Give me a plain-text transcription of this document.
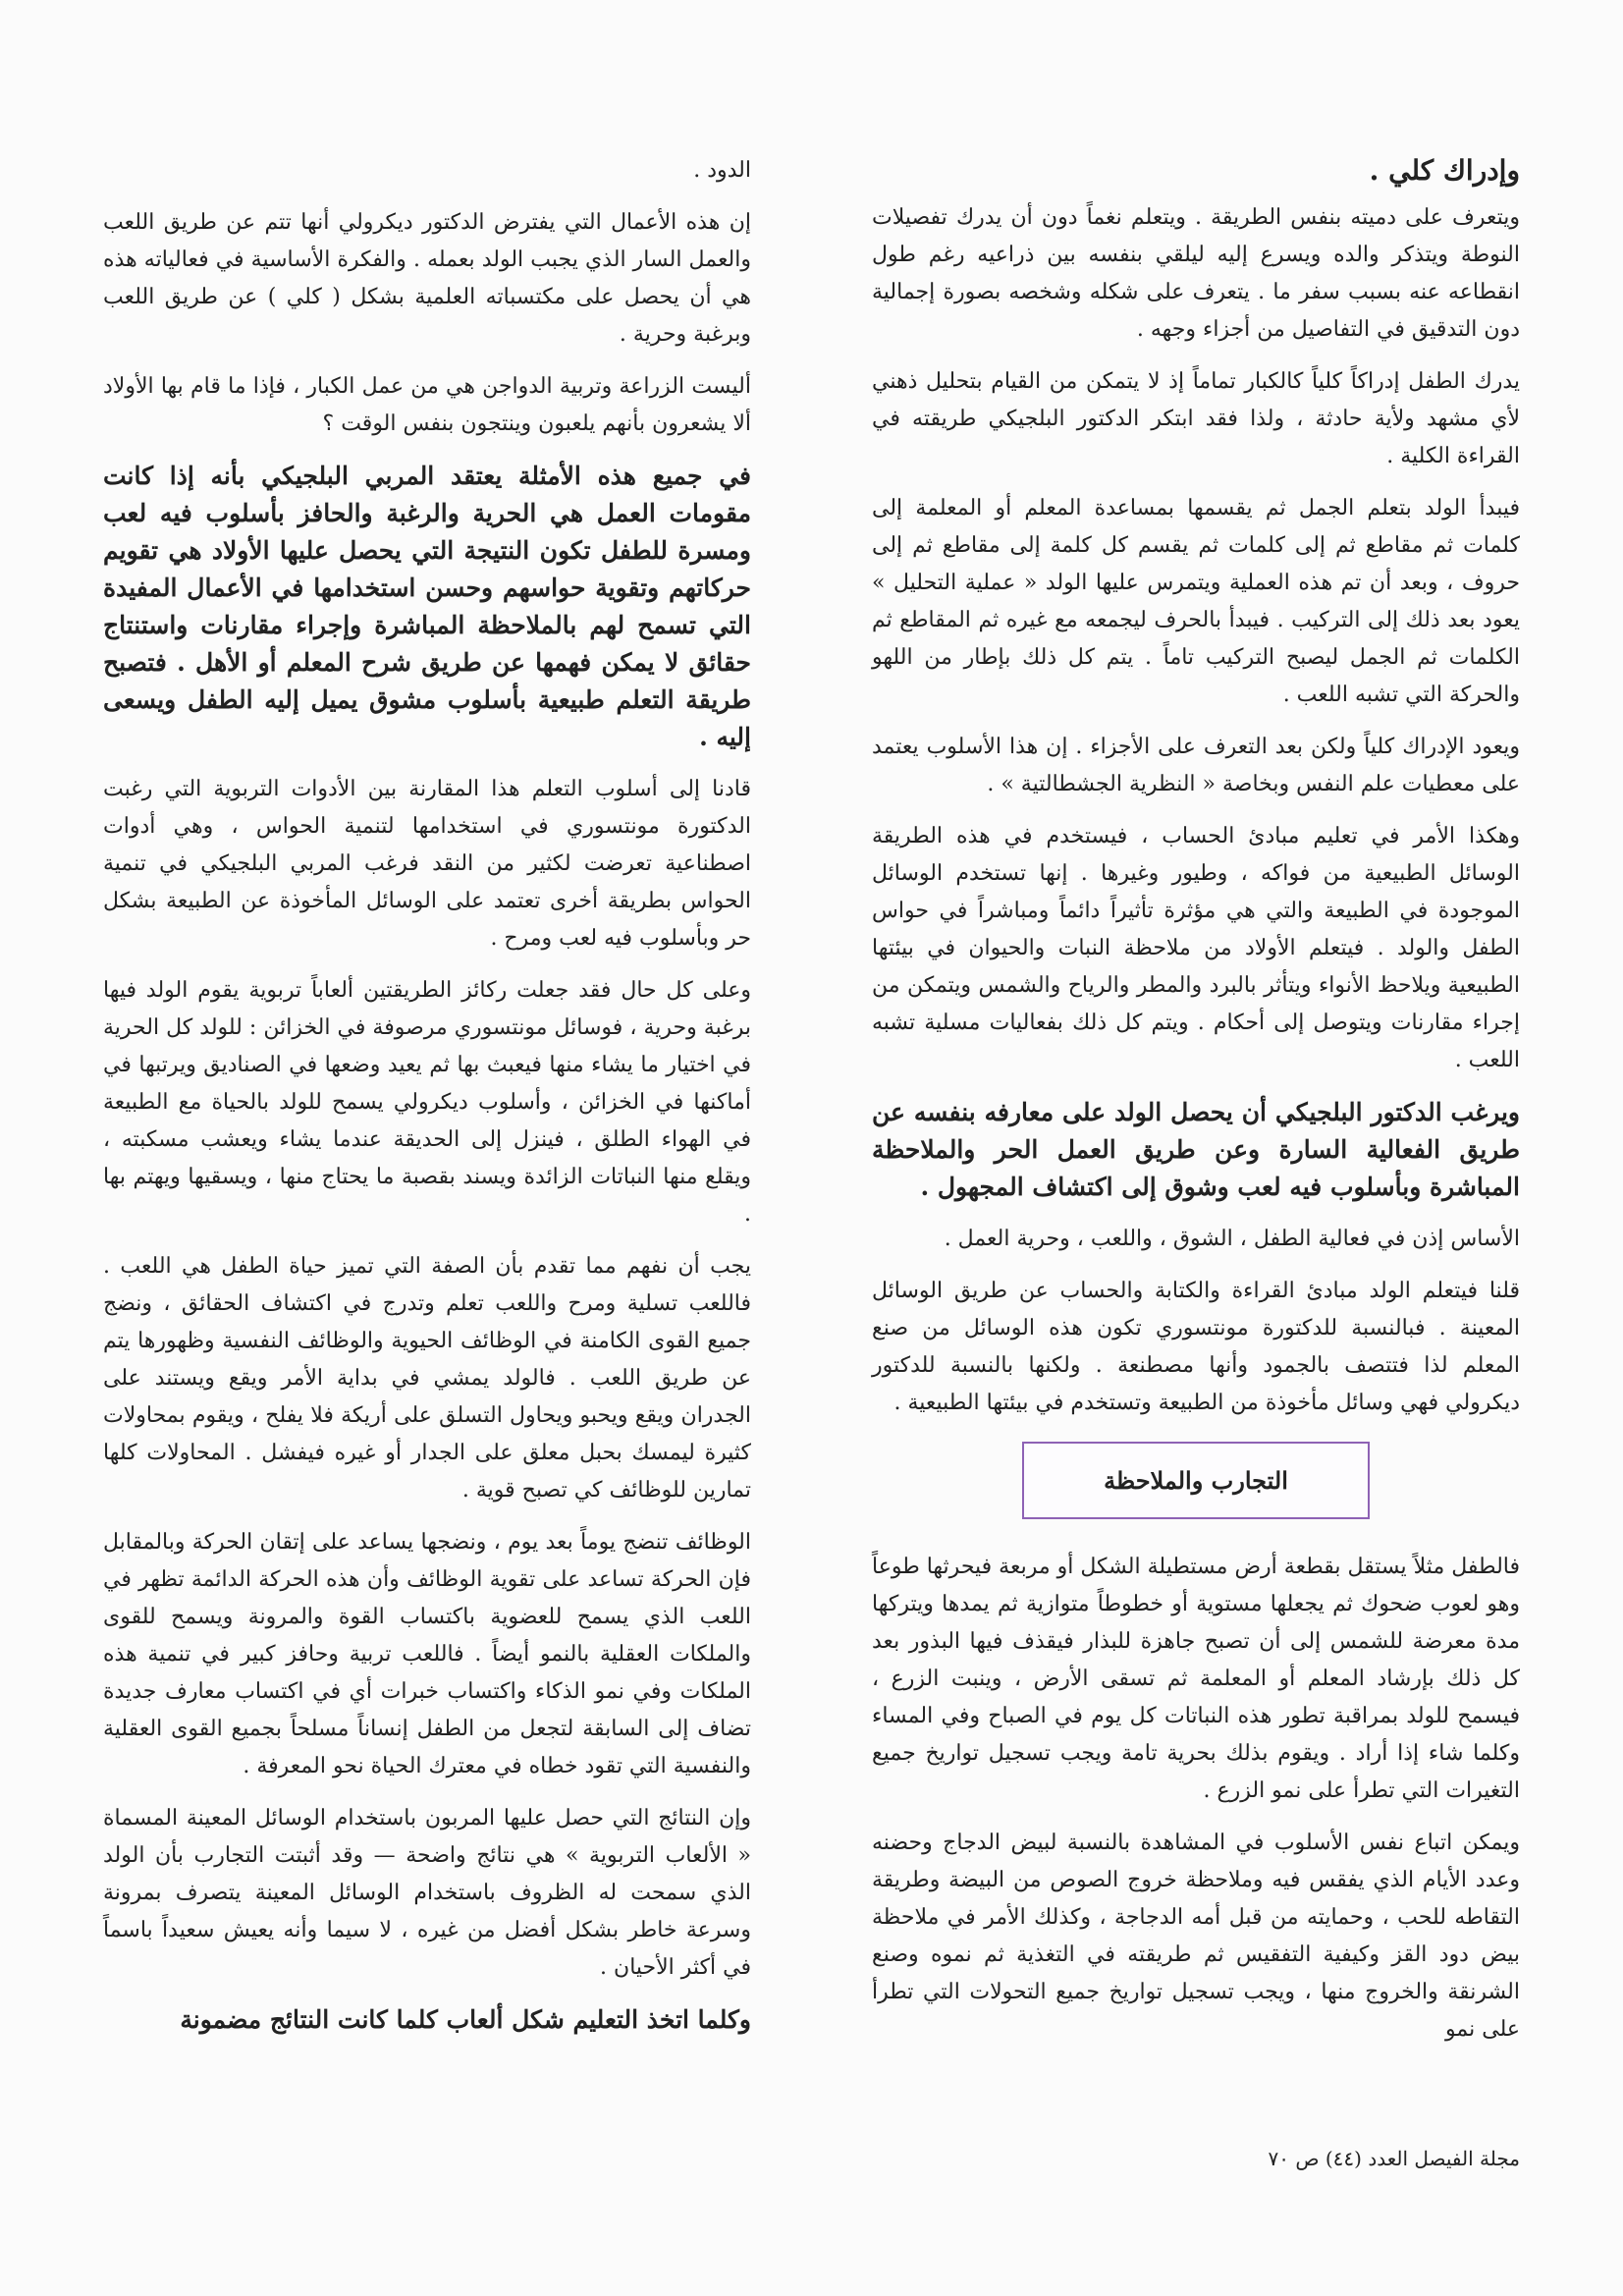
وإدراك كلي .
ويتعرف على دميته بنفس الطريقة . ويتعلم نغماً دون أن يدرك تفصيلات النوطة ويتذكر والده ويسرع إليه ليلقي بنفسه بين ذراعيه رغم طول انقطاعه عنه بسبب سفر ما . يتعرف على شكله وشخصه بصورة إجمالية دون التدقيق في التفاصيل من أجزاء وجهه .
يدرك الطفل إدراكاً كلياً كالكبار تماماً إذ لا يتمكن من القيام بتحليل ذهني لأي مشهد ولأية حادثة ، ولذا فقد ابتكر الدكتور البلجيكي طريقته في القراءة الكلية .
فيبدأ الولد بتعلم الجمل ثم يقسمها بمساعدة المعلم أو المعلمة إلى كلمات ثم مقاطع ثم إلى كلمات ثم يقسم كل كلمة إلى مقاطع ثم إلى حروف ، وبعد أن تم هذه العملية ويتمرس عليها الولد « عملية التحليل » يعود بعد ذلك إلى التركيب . فيبدأ بالحرف ليجمعه مع غيره ثم المقاطع ثم الكلمات ثم الجمل ليصبح التركيب تاماً . يتم كل ذلك بإطار من اللهو والحركة التي تشبه اللعب .
ويعود الإدراك كلياً ولكن بعد التعرف على الأجزاء . إن هذا الأسلوب يعتمد على معطيات علم النفس وبخاصة « النظرية الجشطالتية » .
وهكذا الأمر في تعليم مبادئ الحساب ، فيستخدم في هذه الطريقة الوسائل الطبيعية من فواكه ، وطيور وغيرها . إنها تستخدم الوسائل الموجودة في الطبيعة والتي هي مؤثرة تأثيراً دائماً ومباشراً في حواس الطفل والولد . فيتعلم الأولاد من ملاحظة النبات والحيوان في بيئتها الطبيعية ويلاحظ الأنواء ويتأثر بالبرد والمطر والرياح والشمس ويتمكن من إجراء مقارنات ويتوصل إلى أحكام . ويتم كل ذلك بفعاليات مسلية تشبه اللعب .
ويرغب الدكتور البلجيكي أن يحصل الولد على معارفه بنفسه عن طريق الفعالية السارة وعن طريق العمل الحر والملاحظة المباشرة وبأسلوب فيه لعب وشوق إلى اكتشاف المجهول .
الأساس إذن في فعالية الطفل ، الشوق ، واللعب ، وحرية العمل .
قلنا فيتعلم الولد مبادئ القراءة والكتابة والحساب عن طريق الوسائل المعينة . فبالنسبة للدكتورة مونتسوري تكون هذه الوسائل من صنع المعلم لذا فتتصف بالجمود وأنها مصطنعة . ولكنها بالنسبة للدكتور ديكرولي فهي وسائل مأخوذة من الطبيعة وتستخدم في بيئتها الطبيعية .
التجارب والملاحظة
فالطفل مثلاً يستقل بقطعة أرض مستطيلة الشكل أو مربعة فيحرثها طوعاً وهو لعوب ضحوك ثم يجعلها مستوية أو خطوطاً متوازية ثم يمدها ويتركها مدة معرضة للشمس إلى أن تصبح جاهزة للبذار فيقذف فيها البذور بعد كل ذلك بإرشاد المعلم أو المعلمة ثم تسقى الأرض ، وينبت الزرع ، فيسمح للولد بمراقبة تطور هذه النباتات كل يوم في الصباح وفي المساء وكلما شاء إذا أراد . ويقوم بذلك بحرية تامة ويجب تسجيل تواريخ جميع التغيرات التي تطرأ على نمو الزرع .
ويمكن اتباع نفس الأسلوب في المشاهدة بالنسبة لبيض الدجاج وحضنه وعدد الأيام الذي يفقس فيه وملاحظة خروج الصوص من البيضة وطريقة التقاطه للحب ، وحمايته من قبل أمه الدجاجة ، وكذلك الأمر في ملاحظة بيض دود القز وكيفية التفقيس ثم طريقته في التغذية ثم نموه وصنع الشرنقة والخروج منها ، ويجب تسجيل تواريخ جميع التحولات التي تطرأ على نمو
الدود .
إن هذه الأعمال التي يفترض الدكتور ديكرولي أنها تتم عن طريق اللعب والعمل السار الذي يجبب الولد بعمله . والفكرة الأساسية في فعالياته هذه هي أن يحصل على مكتسباته العلمية بشكل ( كلي ) عن طريق اللعب وبرغبة وحرية .
أليست الزراعة وتربية الدواجن هي من عمل الكبار ، فإذا ما قام بها الأولاد ألا يشعرون بأنهم يلعبون وينتجون بنفس الوقت ؟
في جميع هذه الأمثلة يعتقد المربي البلجيكي بأنه إذا كانت مقومات العمل هي الحرية والرغبة والحافز بأسلوب فيه لعب ومسرة للطفل تكون النتيجة التي يحصل عليها الأولاد هي تقويم حركاتهم وتقوية حواسهم وحسن استخدامها في الأعمال المفيدة التي تسمح لهم بالملاحظة المباشرة وإجراء مقارنات واستنتاج حقائق لا يمكن فهمها عن طريق شرح المعلم أو الأهل . فتصبح طريقة التعلم طبيعية بأسلوب مشوق يميل إليه الطفل ويسعى إليه .
قادنا إلى أسلوب التعلم هذا المقارنة بين الأدوات التربوية التي رغبت الدكتورة مونتسوري في استخدامها لتنمية الحواس ، وهي أدوات اصطناعية تعرضت لكثير من النقد فرغب المربي البلجيكي في تنمية الحواس بطريقة أخرى تعتمد على الوسائل المأخوذة عن الطبيعة بشكل حر وبأسلوب فيه لعب ومرح .
وعلى كل حال فقد جعلت ركائز الطريقتين ألعاباً تربوية يقوم الولد فيها برغبة وحرية ، فوسائل مونتسوري مرصوفة في الخزائن : للولد كل الحرية في اختيار ما يشاء منها فيعبث بها ثم يعيد وضعها في الصناديق ويرتبها في أماكنها في الخزائن ، وأسلوب ديكرولي يسمح للولد بالحياة مع الطبيعة في الهواء الطلق ، فينزل إلى الحديقة عندما يشاء ويعشب مسكبته ، ويقلع منها النباتات الزائدة ويسند بقصبة ما يحتاج منها ، ويسقيها ويهتم بها .
يجب أن نفهم مما تقدم بأن الصفة التي تميز حياة الطفل هي اللعب . فاللعب تسلية ومرح واللعب تعلم وتدرج في اكتشاف الحقائق ، ونضج جميع القوى الكامنة في الوظائف الحيوية والوظائف النفسية وظهورها يتم عن طريق اللعب . فالولد يمشي في بداية الأمر ويقع ويستند على الجدران ويقع ويحبو ويحاول التسلق على أريكة فلا يفلح ، ويقوم بمحاولات كثيرة ليمسك بحبل معلق على الجدار أو غيره فيفشل . المحاولات كلها تمارين للوظائف كي تصبح قوية .
الوظائف تنضج يوماً بعد يوم ، ونضجها يساعد على إتقان الحركة وبالمقابل فإن الحركة تساعد على تقوية الوظائف وأن هذه الحركة الدائمة تظهر في اللعب الذي يسمح للعضوية باكتساب القوة والمرونة ويسمح للقوى والملكات العقلية بالنمو أيضاً . فاللعب تربية وحافز كبير في تنمية هذه الملكات وفي نمو الذكاء واكتساب خبرات أي في اكتساب معارف جديدة تضاف إلى السابقة لتجعل من الطفل إنساناً مسلحاً بجميع القوى العقلية والنفسية التي تقود خطاه في معترك الحياة نحو المعرفة .
وإن النتائج التي حصل عليها المربون باستخدام الوسائل المعينة المسماة « الألعاب التربوية » هي نتائج واضحة — وقد أثبتت التجارب بأن الولد الذي سمحت له الظروف باستخدام الوسائل المعينة يتصرف بمرونة وسرعة خاطر بشكل أفضل من غيره ، لا سيما وأنه يعيش سعيداً باسماً في أكثر الأحيان .
وكلما اتخذ التعليم شكل ألعاب كلما كانت النتائج مضمونة
مجلة الفيصل العدد (٤٤) ص ٧٠
